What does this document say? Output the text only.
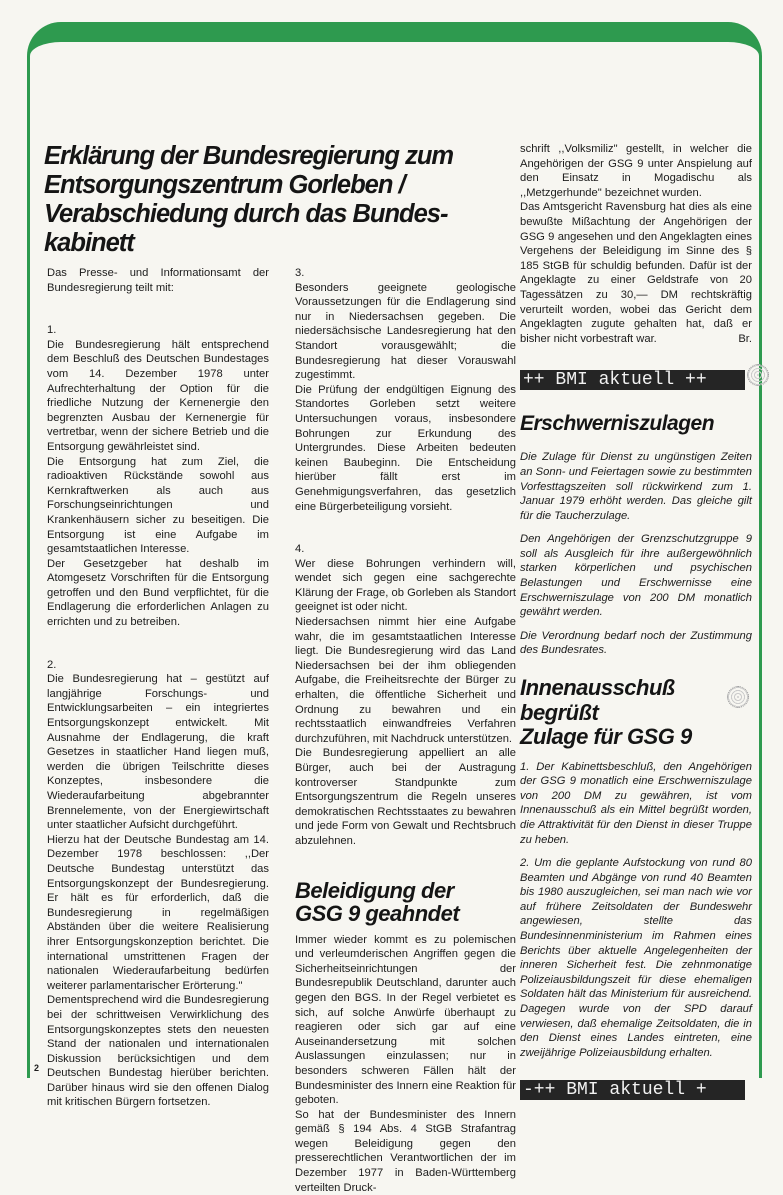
Erklärung der Bundesregierung zum Entsorgungszentrum Gorleben / Verabschiedung durch das Bundeskabinett

Das Presse- und Informationsamt der Bundesregierung teilt mit:

1.

Die Bundesregierung hält entsprechend dem Beschluß des Deutschen Bundestages vom 14. Dezember 1978 unter Aufrechterhaltung der Option für die friedliche Nutzung der Kernenergie den begrenzten Ausbau der Kernenergie für vertretbar, wenn der sichere Betrieb und die Entsorgung gewährleistet sind.

Die Entsorgung hat zum Ziel, die radioaktiven Rückstände sowohl aus Kernkraftwerken als auch aus Forschungseinrichtungen und Krankenhäusern sicher zu beseitigen. Die Entsorgung ist eine Aufgabe im gesamtstaatlichen Interesse.

Der Gesetzgeber hat deshalb im Atomgesetz Vorschriften für die Entsorgung getroffen und den Bund verpflichtet, für die Endlagerung die erforderlichen Anlagen zu errichten und zu betreiben.

2.

Die Bundesregierung hat – gestützt auf langjährige Forschungs- und Entwicklungsarbeiten – ein integriertes Entsorgungskonzept entwickelt. Mit Ausnahme der Endlagerung, die kraft Gesetzes in staatlicher Hand liegen muß, werden die übrigen Teilschritte dieses Konzeptes, insbesondere die Wiederaufarbeitung abgebrannter Brennelemente, von der Energiewirtschaft unter staatlicher Aufsicht durchgeführt.

Hierzu hat der Deutsche Bundestag am 14. Dezember 1978 beschlossen: ,,Der Deutsche Bundestag unterstützt das Entsorgungskonzept der Bundesregierung. Er hält es für erforderlich, daß die Bundesregierung in regelmäßigen Abständen über die weitere Realisierung ihrer Entsorgungskonzeption berichtet. Die international umstrittenen Fragen der nationalen Wiederaufarbeitung bedürfen weiterer parlamentarischer Erörterung."

Dementsprechend wird die Bundesregierung bei der schrittweisen Verwirklichung des Entsorgungskonzeptes stets den neuesten Stand der nationalen und internationalen Diskussion berücksichtigen und dem Deutschen Bundestag hierüber berichten. Darüber hinaus wird sie den offenen Dialog mit kritischen Bürgern fortsetzen.

3.

Besonders geeignete geologische Voraussetzungen für die Endlagerung sind nur in Niedersachsen gegeben. Die niedersächsische Landesregierung hat den Standort vorausgewählt; die Bundesregierung hat dieser Vorauswahl zugestimmt.

Die Prüfung der endgültigen Eignung des Standortes Gorleben setzt weitere Untersuchungen voraus, insbesondere Bohrungen zur Erkundung des Untergrundes. Diese Arbeiten bedeuten keinen Baubeginn. Die Entscheidung hierüber fällt erst im Genehmigungsverfahren, das gesetzlich eine Bürgerbeteiligung vorsieht.

4.

Wer diese Bohrungen verhindern will, wendet sich gegen eine sachgerechte Klärung der Frage, ob Gorleben als Standort geeignet ist oder nicht.

Niedersachsen nimmt hier eine Aufgabe wahr, die im gesamtstaatlichen Interesse liegt. Die Bundesregierung wird das Land Niedersachsen bei der ihm obliegenden Aufgabe, die Freiheitsrechte der Bürger zu erhalten, die öffentliche Sicherheit und Ordnung zu bewahren und ein rechtsstaatlich einwandfreies Verfahren durchzuführen, mit Nachdruck unterstützen.

Die Bundesregierung appelliert an alle Bürger, auch bei der Austragung kontroverser Standpunkte zum Entsorgungszentrum die Regeln unseres demokratischen Rechtsstaates zu bewahren und jede Form von Gewalt und Rechtsbruch abzulehnen.

Beleidigung der
GSG 9 geahndet

Immer wieder kommt es zu polemischen und verleumderischen Angriffen gegen die Sicherheitseinrichtungen der Bundesrepublik Deutschland, darunter auch gegen den BGS. In der Regel verbietet es sich, auf solche Anwürfe überhaupt zu reagieren oder sich gar auf eine Auseinandersetzung mit solchen Auslassungen einzulassen; nur in besonders schweren Fällen hält der Bundesminister des Innern eine Reaktion für geboten.

So hat der Bundesminister des Innern gemäß § 194 Abs. 4 StGB Strafantrag wegen Beleidigung gegen den presserechtlichen Verantwortlichen der im Dezember 1977 in Baden-Württemberg verteilten Druck-

2

schrift ,,Volksmiliz" gestellt, in welcher die Angehörigen der GSG 9 unter Anspielung auf den Einsatz in Mogadischu als ,,Metzgerhunde" bezeichnet wurden.

Das Amtsgericht Ravensburg hat dies als eine bewußte Mißachtung der Angehörigen der GSG 9 angesehen und den Angeklagten eines Vergehens der Beleidigung im Sinne des § 185 StGB für schuldig befunden. Dafür ist der Angeklagte zu einer Geldstrafe von 20 Tagessätzen zu 30,— DM rechtskräftig verurteilt worden, wobei das Gericht dem Angeklagten zugute gehalten hat, daß er bisher nicht vorbestraft war.	Br.

++ BMI aktuell ++
Erschwerniszulagen

Die Zulage für Dienst zu ungünstigen Zeiten an Sonn- und Feiertagen sowie zu bestimmten Vorfesttagszeiten soll rückwirkend zum 1. Januar 1979 erhöht werden. Das gleiche gilt für die Taucherzulage.

Den Angehörigen der Grenzschutzgruppe 9 soll als Ausgleich für ihre außergewöhnlich starken körperlichen und psychischen Belastungen und Erschwernisse eine Erschwerniszulage von 200 DM monatlich gewährt werden.

Die Verordnung bedarf noch der Zustimmung des Bundesrates.

Innenausschuß
begrüßt
Zulage für GSG 9

1. Der Kabinettsbeschluß, den Angehörigen der GSG 9 monatlich eine Erschwerniszulage von 200 DM zu gewähren, ist vom Innenausschuß als ein Mittel begrüßt worden, die Attraktivität für den Dienst in dieser Truppe zu heben.

2. Um die geplante Aufstockung von rund 80 Beamten und Abgänge von rund 40 Beamten bis 1980 auszugleichen, sei man nach wie vor auf frühere Zeitsoldaten der Bundeswehr angewiesen, stellte das Bundesinnenministerium im Rahmen eines Berichts über aktuelle Angelegenheiten der inneren Sicherheit fest. Die zehnmonatige Polizeiausbildungszeit für diese ehemaligen Soldaten hält das Ministerium für ausreichend. Dagegen wurde von der SPD darauf verwiesen, daß ehemalige Zeitsoldaten, die in den Dienst eines Landes eintreten, eine zweijährige Polizeiausbildung erhalten.

-++ BMI aktuell +
